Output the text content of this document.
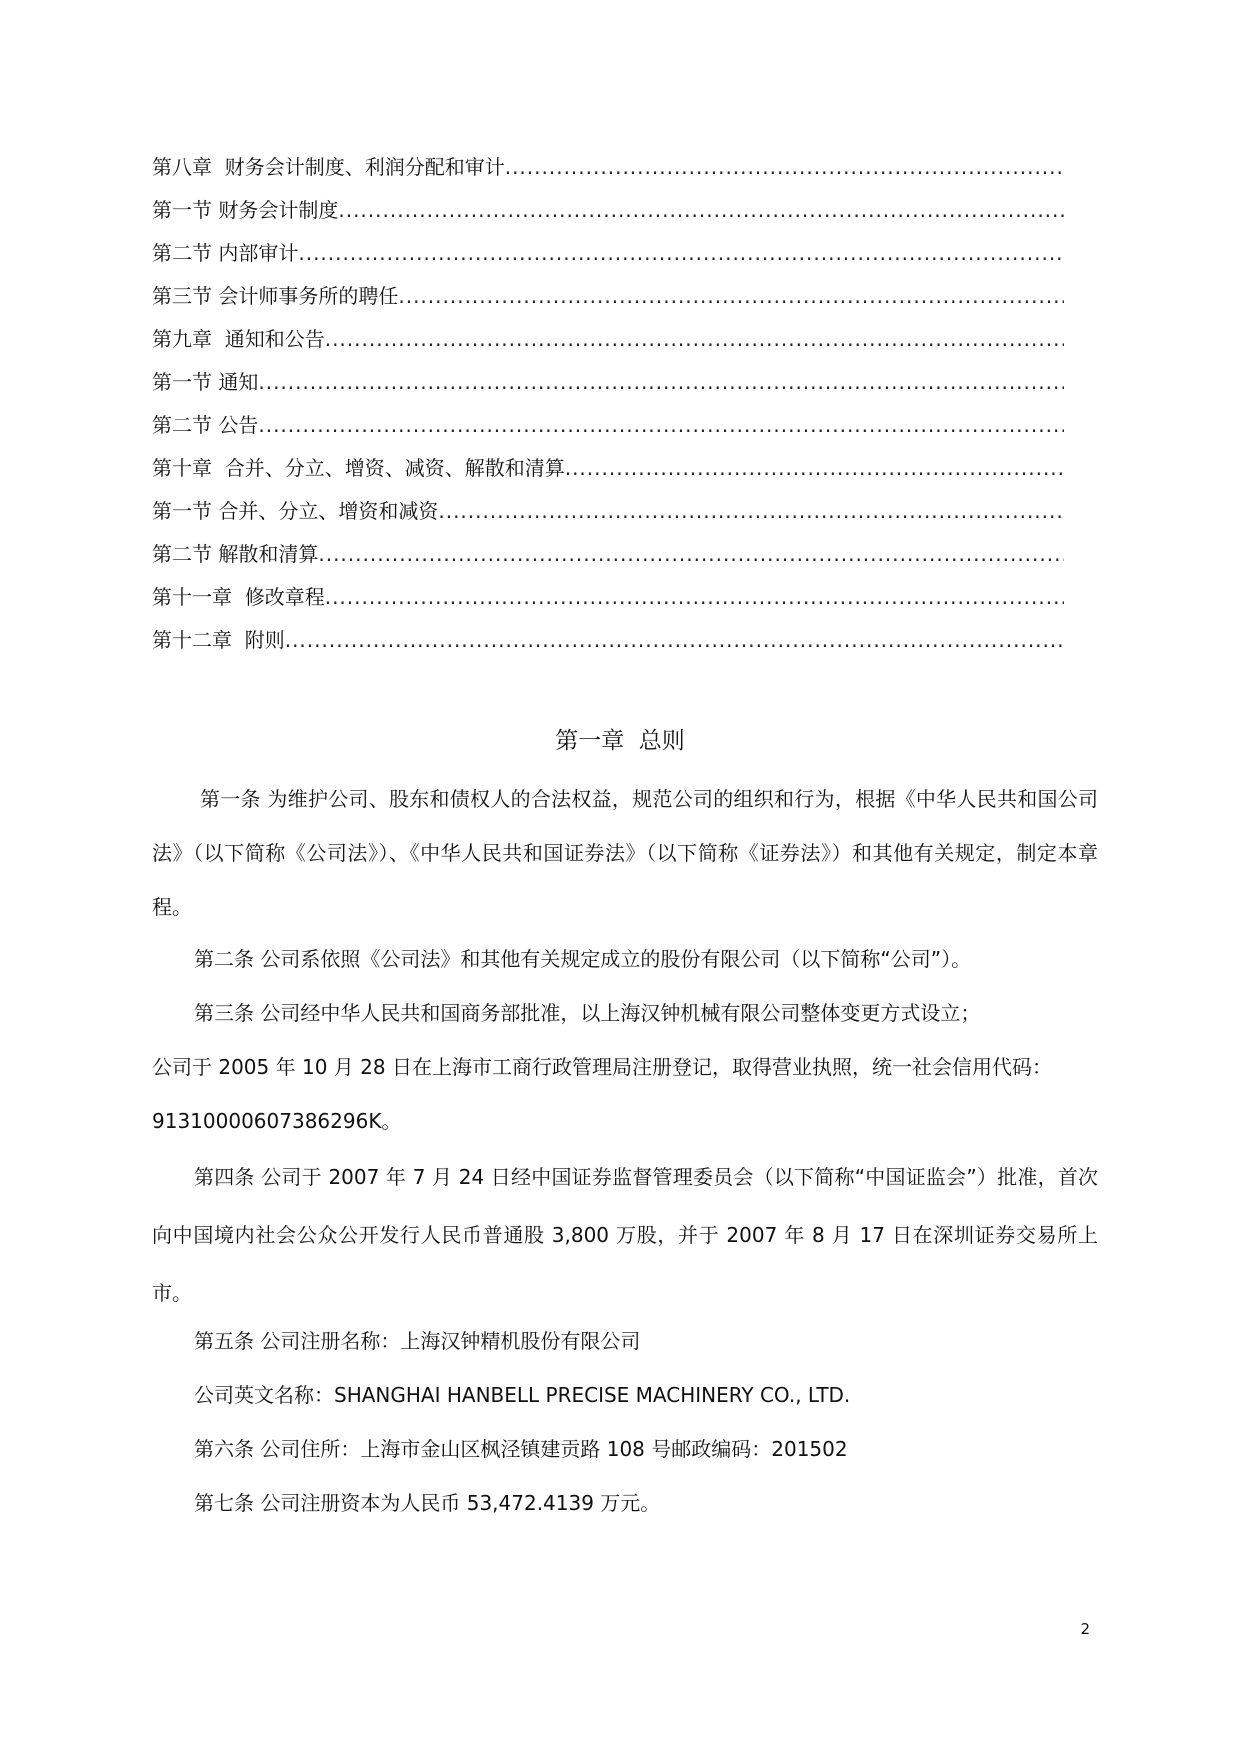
第八章  财务会计制度、利润分配和审计
.....
第一节 财务会计制度
.....
第二节 内部审计
.....
第三节 会计师事务所的聘任
.....
第九章  通知和公告
.....
第一节 通知
.....
第二节 公告
.....
第十章  合并、分立、增资、减资、解散和清算
.....
第一节 合并、分立、增资和减资
.....
第二节 解散和清算
.....
第十一章  修改章程
.....
第十二章  附则
.....
第一章  总则

第一条 为维护公司、股东和债权人的合法权益，规范公司的组织和行为，根据《中华人民共和国公司法》（以下简称《公司法》）、《中华人民共和国证券法》（以下简称《证券法》）和其他有关规定，制定本章程。

第二条 公司系依照《公司法》和其他有关规定成立的股份有限公司（以下简称“公司”）。

第三条 公司经中华人民共和国商务部批准，以上海汉钟机械有限公司整体变更方式设立；
公司于 2005 年 10 月 28 日在上海市工商行政管理局注册登记，取得营业执照，统一社会信用代码：
91310000607386296K。

第四条 公司于 2007 年 7 月 24 日经中国证券监督管理委员会（以下简称“中国证监会”）批准，首次向中国境内社会公众公开发行人民币普通股 3,800 万股，并于 2007 年 8 月 17 日在深圳证券交易所上市。

第五条 公司注册名称：上海汉钟精机股份有限公司

公司英文名称：SHANGHAI HANBELL PRECISE MACHINERY CO., LTD.

第六条 公司住所：上海市金山区枫泾镇建贡路 108 号邮政编码：201502

第七条 公司注册资本为人民币 53,472.4139 万元。

2
